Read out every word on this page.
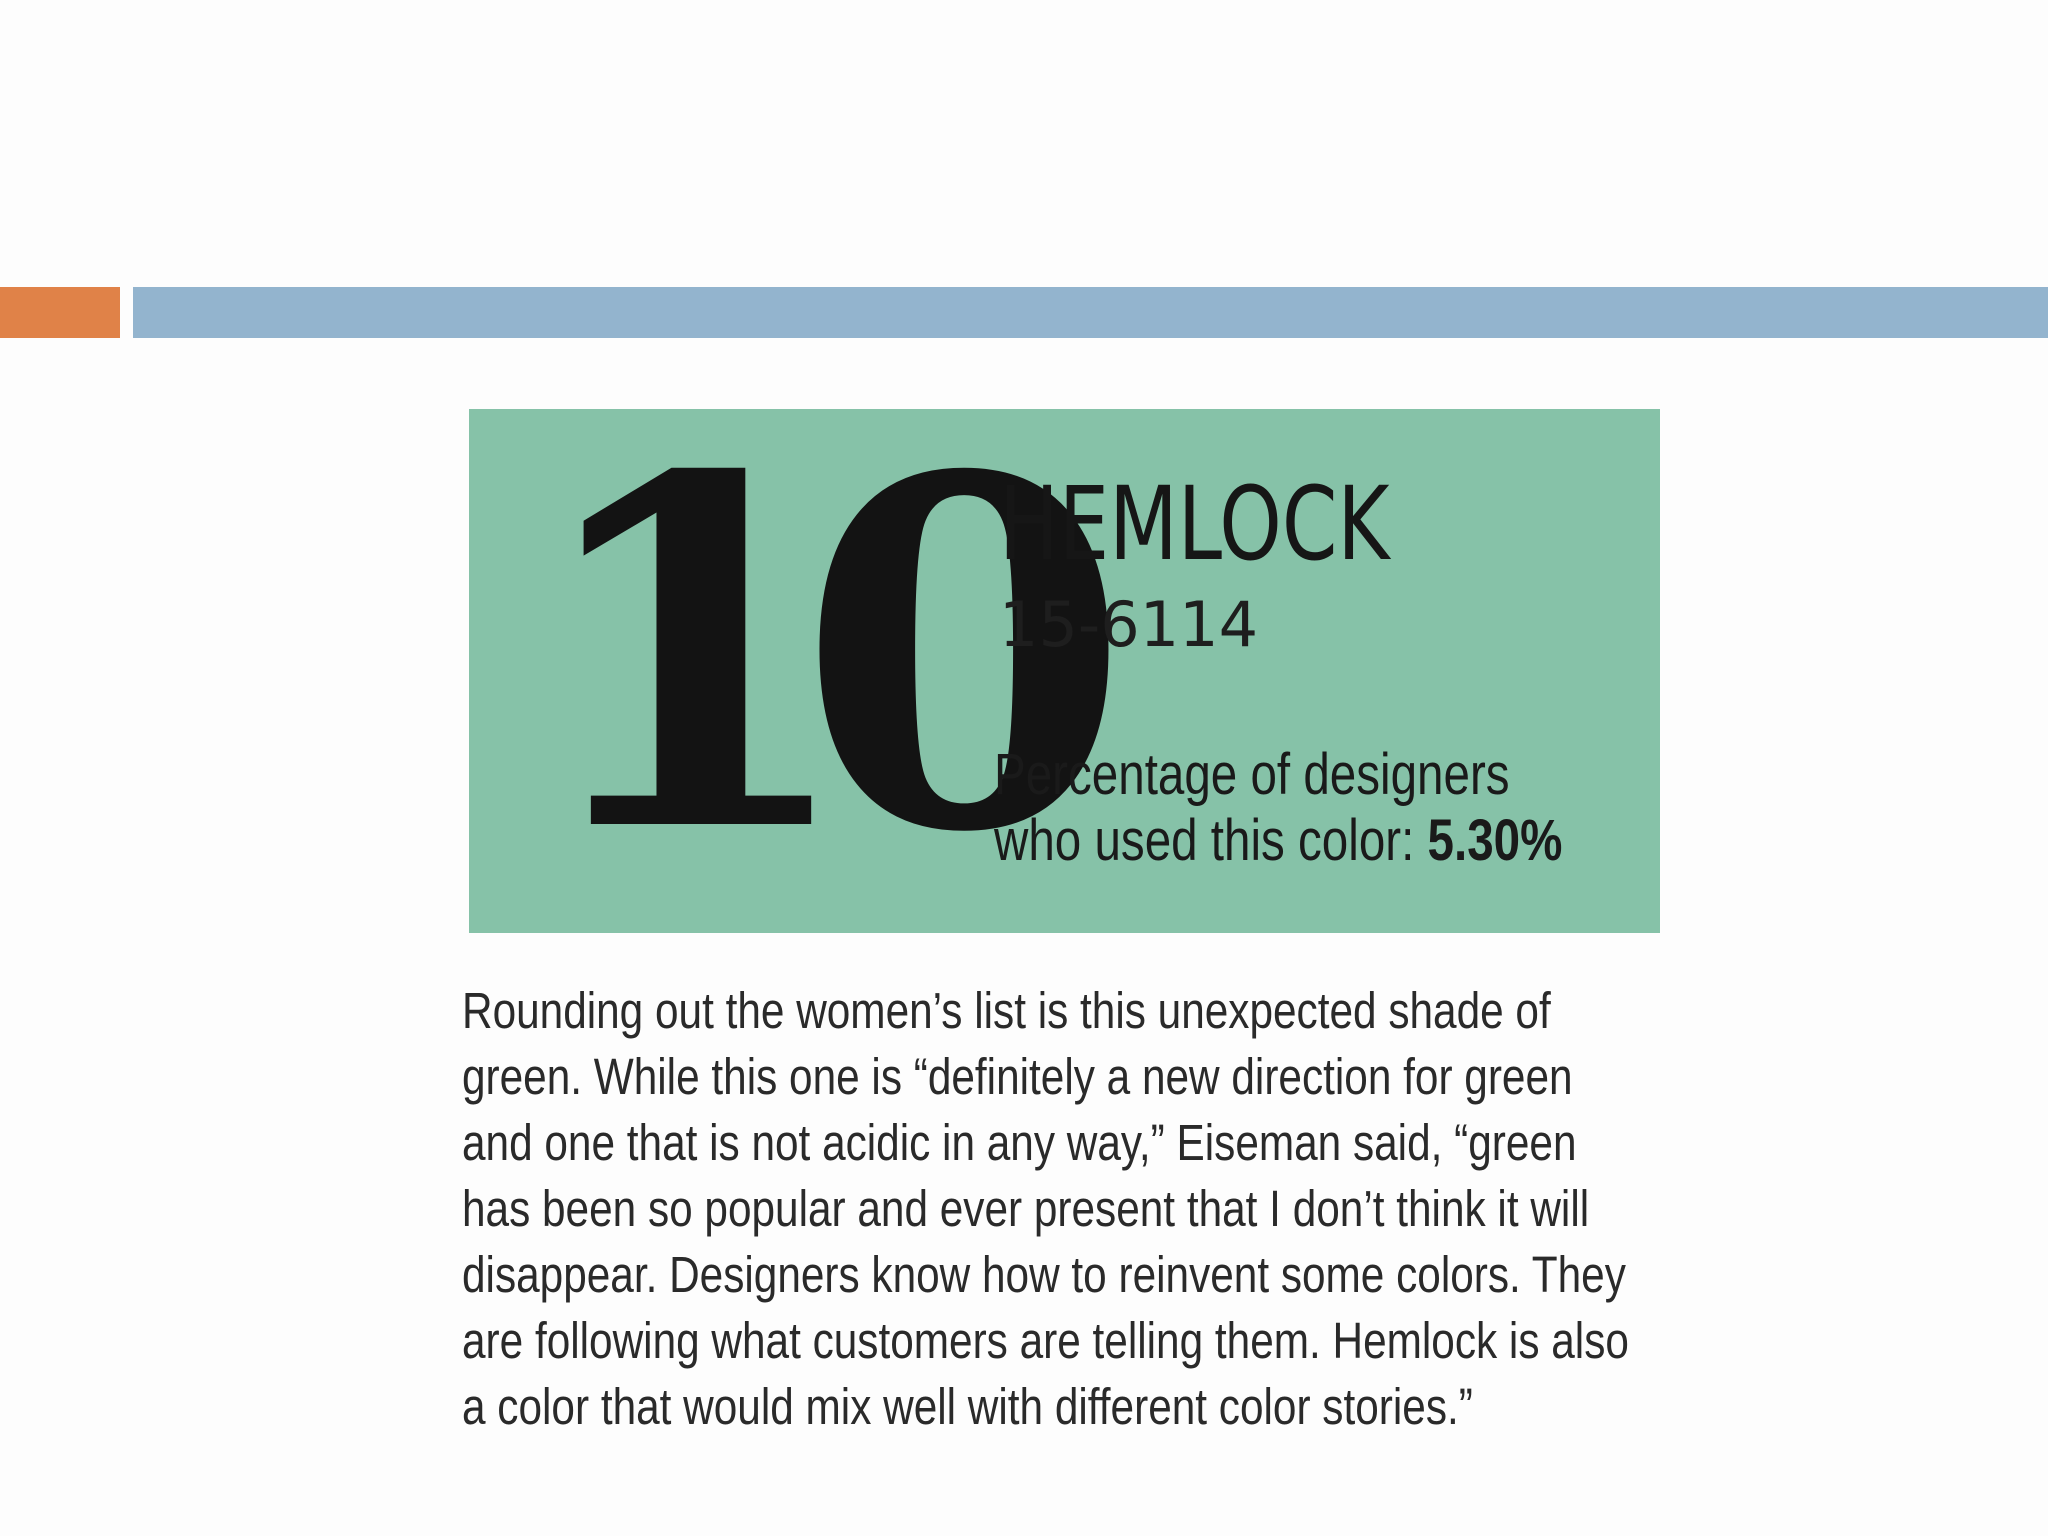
10
HEMLOCK
15-6114
Percentage of designers
who used this color: 5.30%
Rounding out the women’s list is this unexpected shade of
green. While this one is “definitely a new direction for green
and one that is not acidic in any way,” Eiseman said, “green
has been so popular and ever present that I don’t think it will
disappear. Designers know how to reinvent some colors. They
are following what customers are telling them. Hemlock is also
a color that would mix well with different color stories.”
